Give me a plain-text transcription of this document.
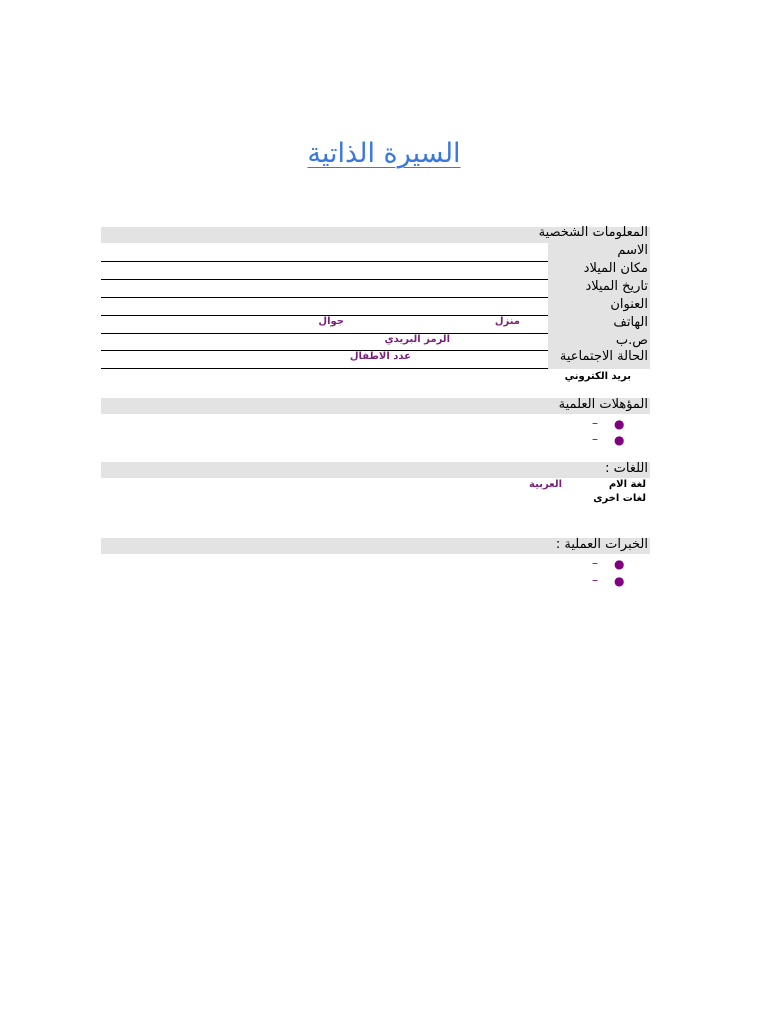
السيرة الذاتية
المعلومات الشخصية
الاسم
مكان الميلاد
تاريخ الميلاد
العنوان
الهاتف
ص.ب
الحالة الاجتماعية
منزل
جوال
الرمز البريدي
عدد الاطفال
بريد الكتروني
المؤهلات العلمية
●
–
●
–
اللغات :
لغة الام
العربية
لغات اخرى
الخبرات العملية :
●
–
●
–
